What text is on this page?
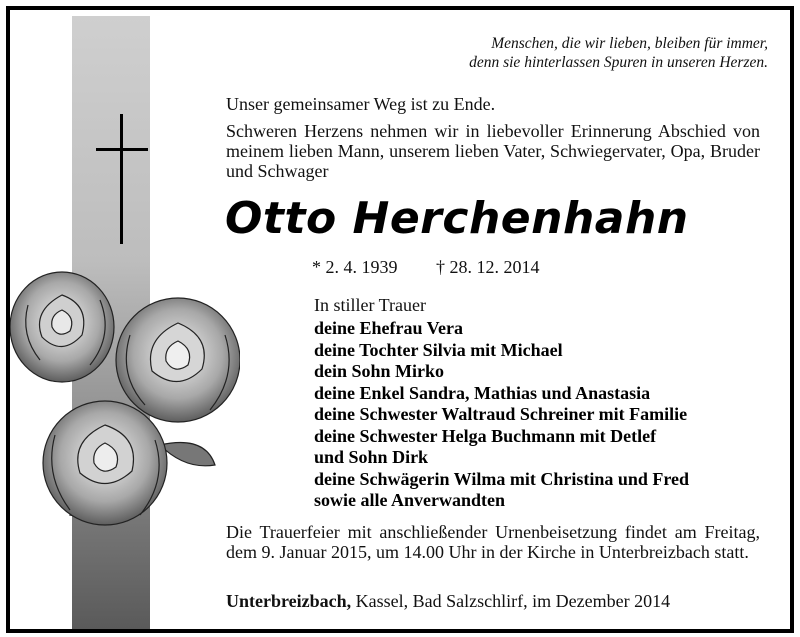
Menschen, die wir lieben, bleiben für immer,
denn sie hinterlassen Spuren in unseren Herzen.
Unser gemeinsamer Weg ist zu Ende.
Schweren Herzens nehmen wir in liebevoller Erinnerung Abschied von meinem lieben Mann, unserem lieben Vater, Schwiegervater, Opa, Bruder und Schwager
Otto Herchenhahn
* 2. 4. 1939 † 28. 12. 2014
In stiller Trauer
deine Ehefrau Vera
deine Tochter Silvia mit Michael
dein Sohn Mirko
deine Enkel Sandra, Mathias und Anastasia
deine Schwester Waltraud Schreiner mit Familie
deine Schwester Helga Buchmann mit Detlef
und Sohn Dirk
deine Schwägerin Wilma mit Christina und Fred
sowie alle Anverwandten
Die Trauerfeier mit anschließender Urnenbeisetzung findet am Freitag, dem 9. Januar 2015, um 14.00 Uhr in der Kirche in Unterbreizbach statt.
Unterbreizbach, Kassel, Bad Salzschlirf, im Dezember 2014
